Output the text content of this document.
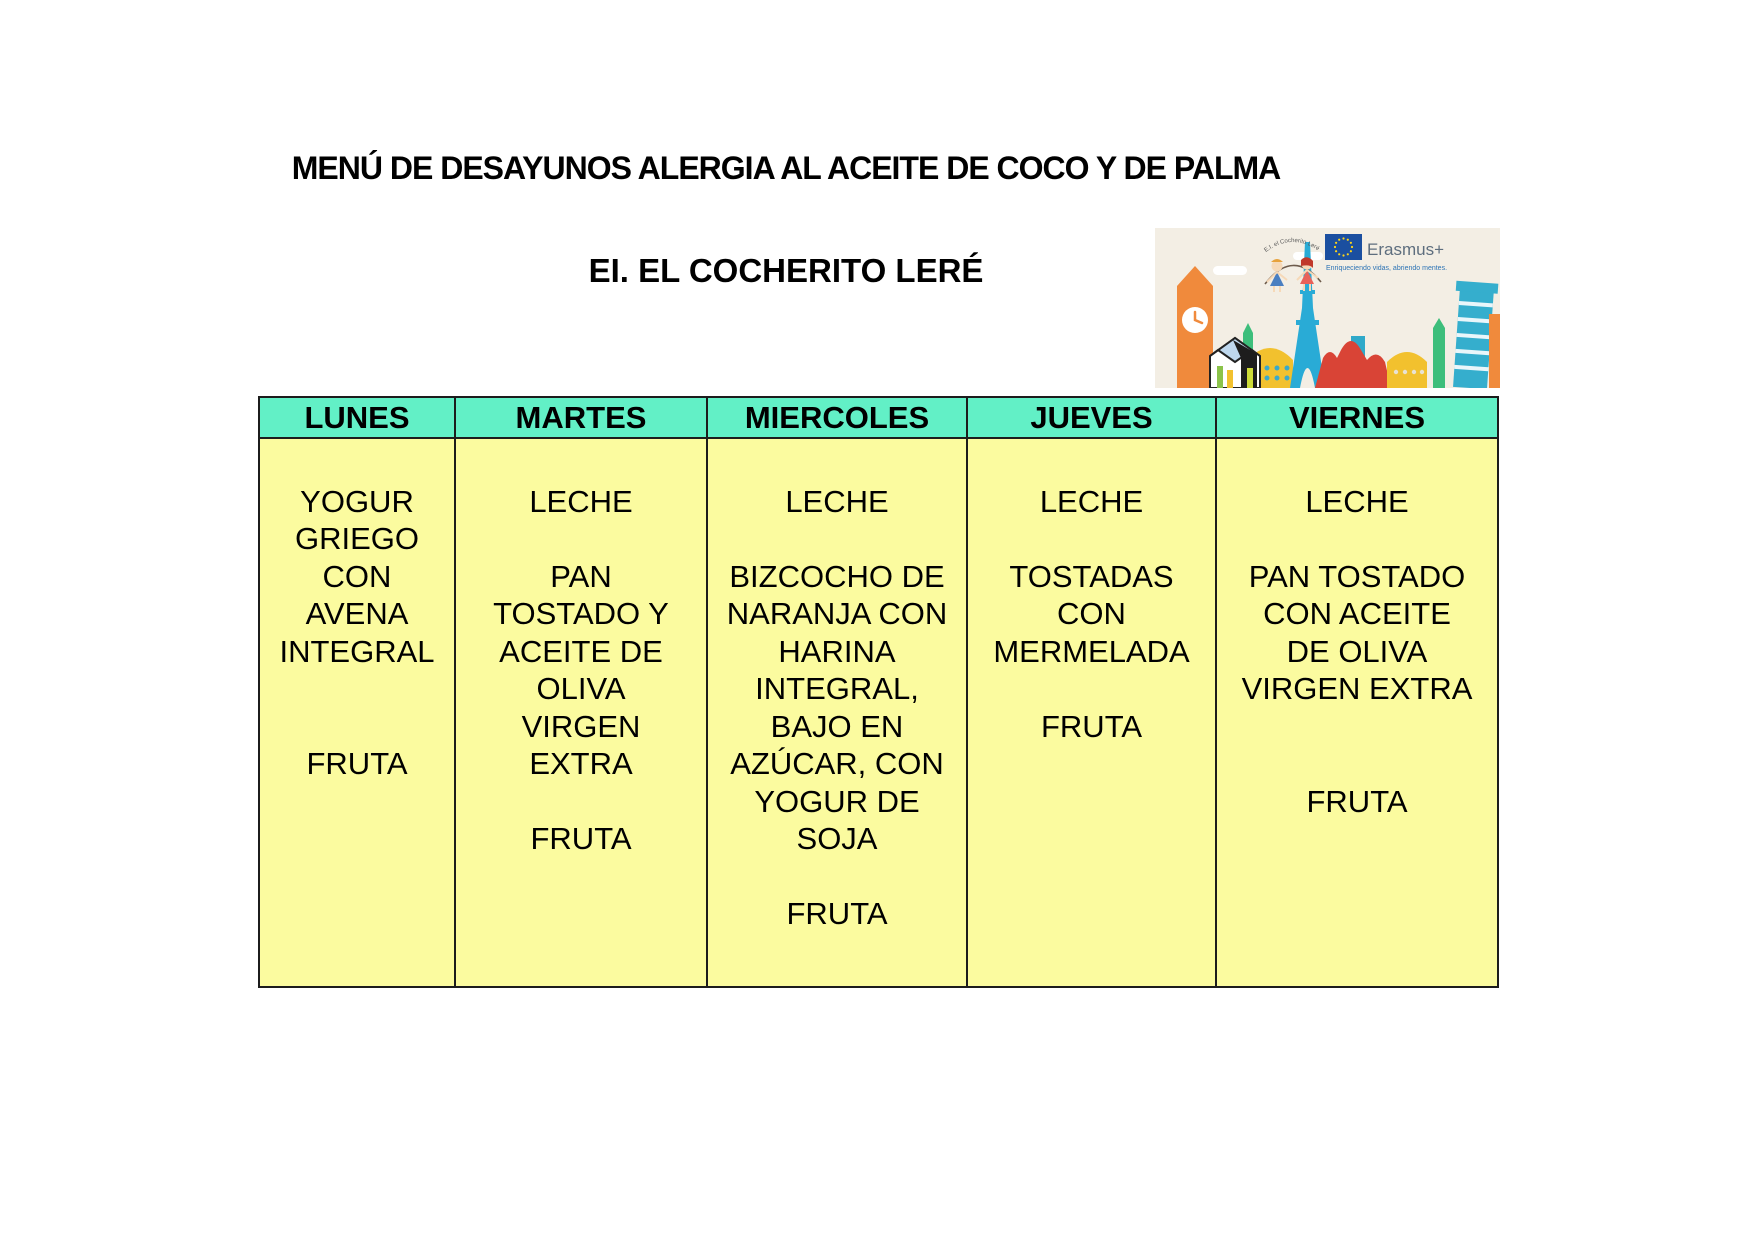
MENÚ DE DESAYUNOS ALERGIA AL ACEITE DE COCO Y DE PALMA
EI. EL COCHERITO LERÉ
E.I. el Cocherito Leré	Erasmus+
Enriqueciendo vidas, abriendo mentes.
LUNES

YOGUR
GRIEGO
CON
AVENA
INTEGRAL

FRUTA
MARTES

LECHE

PAN
TOSTADO Y
ACEITE DE
OLIVA
VIRGEN
EXTRA

FRUTA
MIERCOLES

LECHE

BIZCOCHO DE
NARANJA CON
HARINA
INTEGRAL,
BAJO EN
AZÚCAR, CON
YOGUR DE
SOJA

FRUTA
JUEVES

LECHE

TOSTADAS
CON
MERMELADA

FRUTA
VIERNES

LECHE

PAN TOSTADO
CON ACEITE
DE OLIVA
VIRGEN EXTRA

FRUTA
